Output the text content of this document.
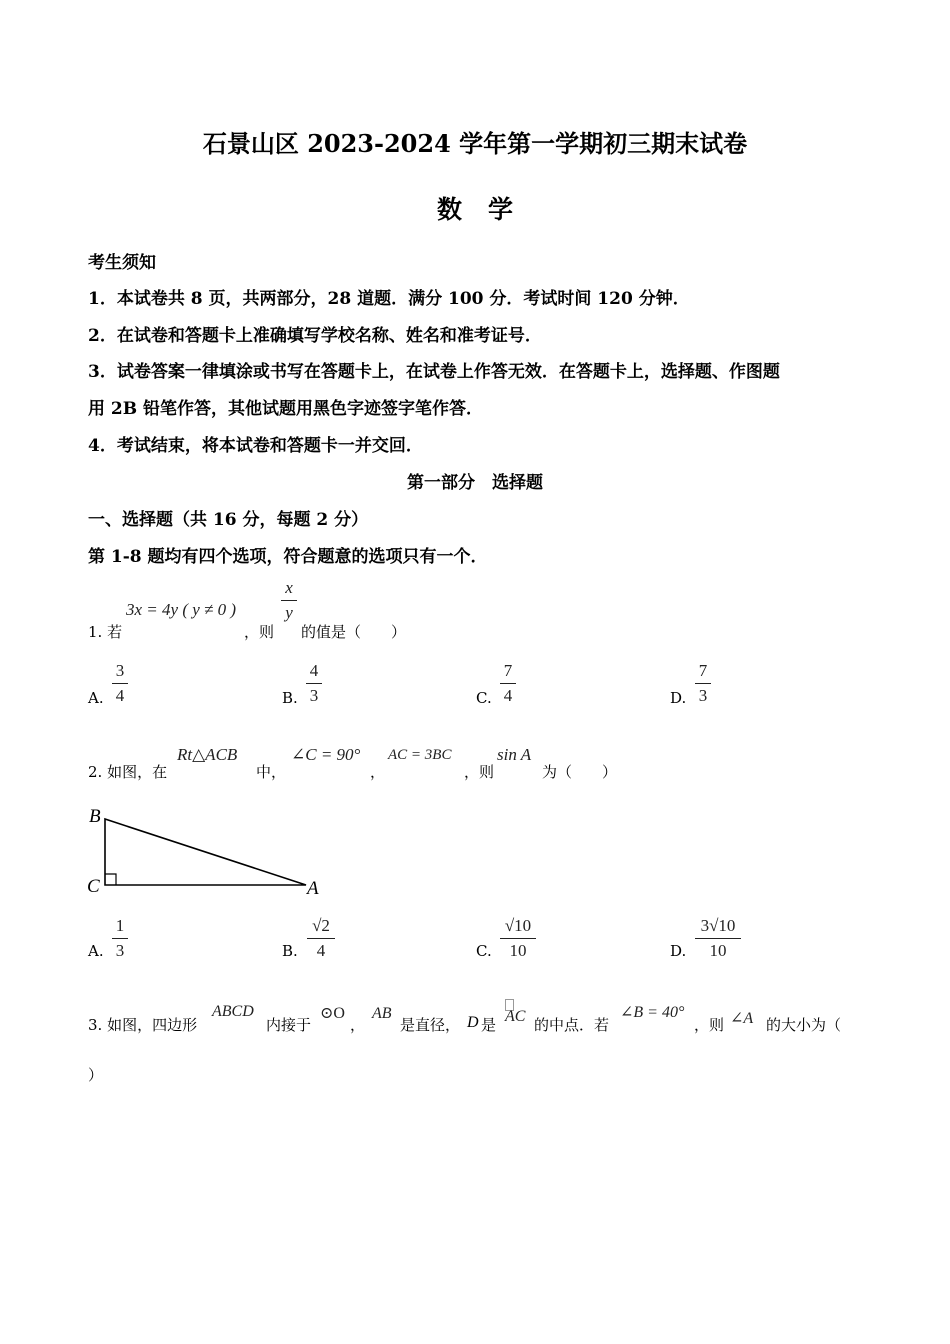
石景山区 2023-2024 学年第一学期初三期末试卷
数学
考生须知
1．本试卷共 8 页，共两部分，28 道题．满分 100 分．考试时间 120 分钟．
2．在试卷和答题卡上准确填写学校名称、姓名和准考证号．
3．试卷答案一律填涂或书写在答题卡上，在试卷上作答无效．在答题卡上，选择题、作图题
用 2B 铅笔作答，其他试题用黑色字迹签字笔作答．
4．考试结束，将本试卷和答题卡一并交回．
第一部分　选择题
一、选择题（共 16 分，每题 2 分）
第 1-8 题均有四个选项，符合题意的选项只有一个．
1. 若
3x = 4y ( y ≠ 0 )
，则
x
y
的值是（　　）
A.
3
4	B.
4
3	C.
7
4	D.
7
3
2. 如图，在
Rt△ACB
中，
∠C = 90°
，
AC = 3BC
，则
sin A
为（　　）
B
C	A
A.
1
3	B.
√2
4	C.
√10
10	D.
3√10
10
3. 如图，四边形
ABCD
内接于
⊙O
，
AB
是直径， D 是 AC 的中点．若
∠B = 40°
，则 ∠A 的大小为（
）
